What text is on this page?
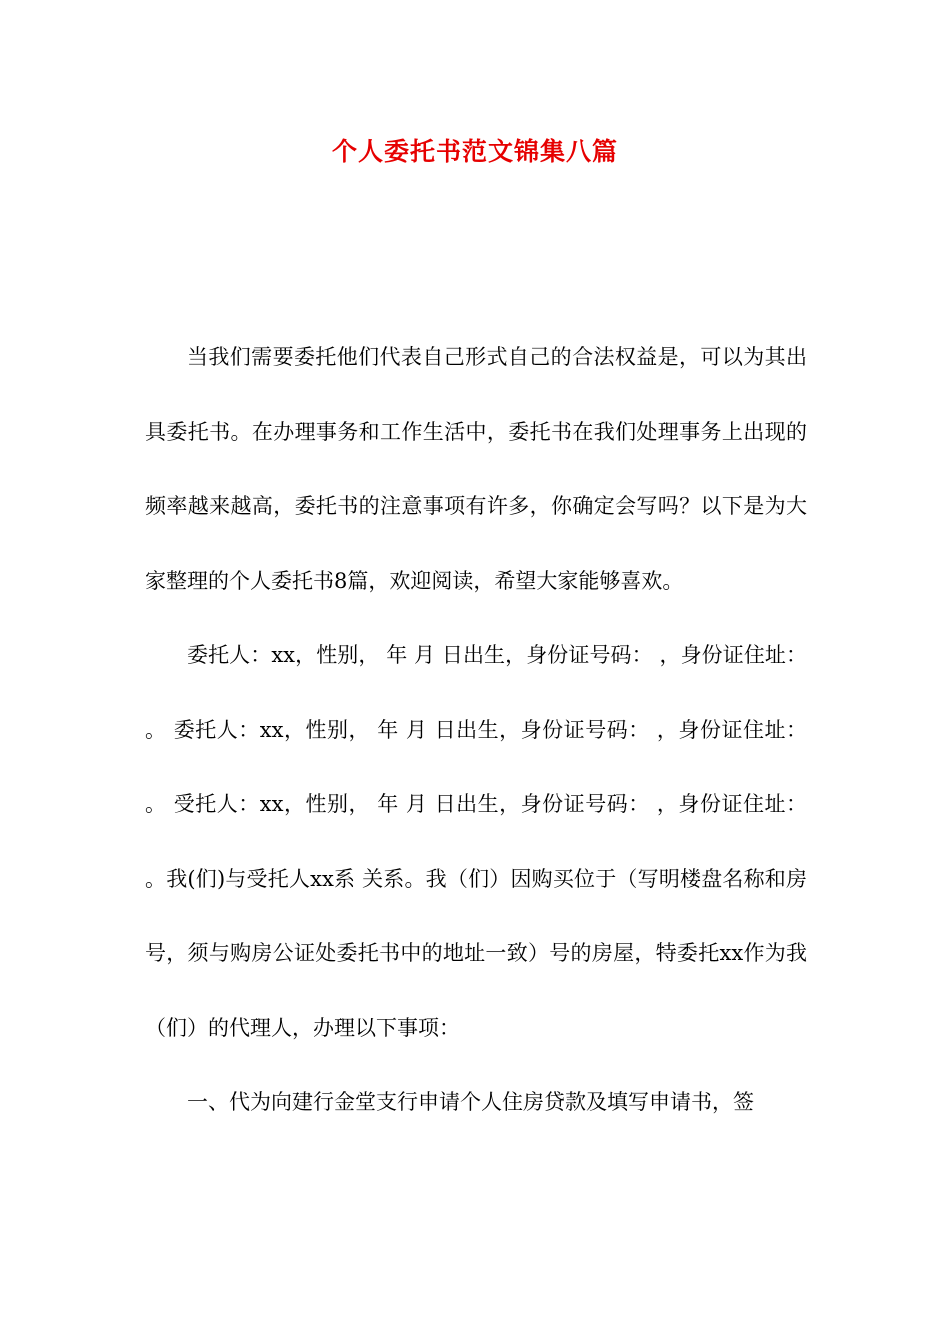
个人委托书范文锦集八篇

当我们需要委托他们代表自己形式自己的合法权益是，可以为其出具委托书。在办理事务和工作生活中，委托书在我们处理事务上出现的频率越来越高，委托书的注意事项有许多，你确定会写吗？以下是为大家整理的个人委托书8篇，欢迎阅读，希望大家能够喜欢。

委托人：xx，性别， 年 月 日出生，身份证号码： ，身份证住址： 。 委托人：xx，性别， 年 月 日出生，身份证号码： ，身份证住址： 。 受托人：xx，性别， 年 月 日出生，身份证号码： ，身份证住址： 。我(们)与受托人xx系 关系。我（们）因购买位于（写明楼盘名称和房号，须与购房公证处委托书中的地址一致）号的房屋，特委托xx作为我（们）的代理人，办理以下事项：

一、代为向建行金堂支行申请个人住房贷款及填写申请书，签
